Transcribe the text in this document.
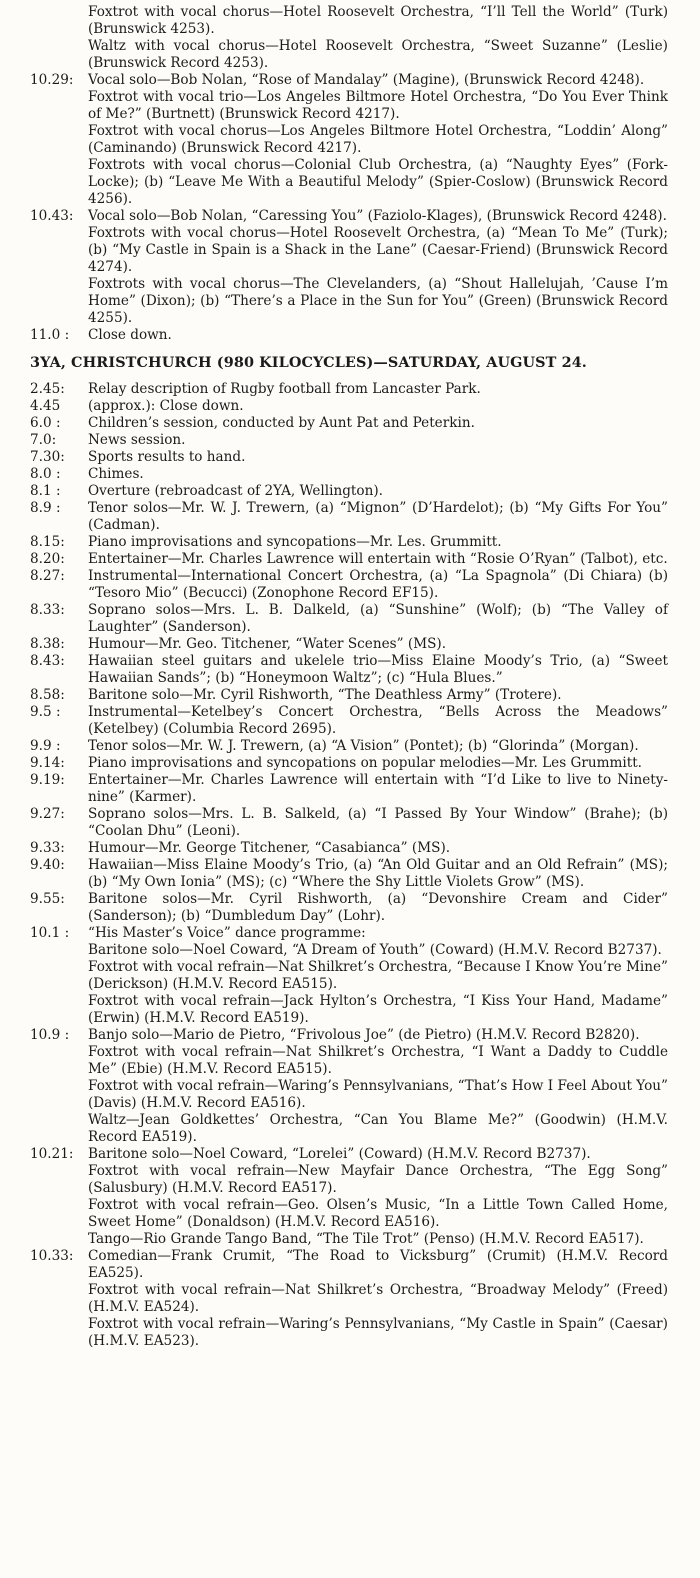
Foxtrot with vocal chorus—Hotel Roosevelt Orchestra, “I’ll Tell the World” (Turk) (Brunswick 4253).
Waltz with vocal chorus—Hotel Roosevelt Orchestra, “Sweet Suzanne” (Leslie) (Brunswick Record 4253).
10.29:	Vocal solo—Bob Nolan, “Rose of Mandalay” (Magine), (Brunswick Record 4248).
Foxtrot with vocal trio—Los Angeles Biltmore Hotel Orchestra, “Do You Ever Think of Me?” (Burtnett) (Brunswick Record 4217).
Foxtrot with vocal chorus—Los Angeles Biltmore Hotel Orchestra, “Loddin’ Along” (Caminando) (Brunswick Record 4217).
Foxtrots with vocal chorus—Colonial Club Orchestra, (a) “Naughty Eyes” (Fork-Locke); (b) “Leave Me With a Beautiful Melody” (Spier-Coslow) (Brunswick Record 4256).
10.43:	Vocal solo—Bob Nolan, “Caressing You” (Faziolo-Klages), (Brunswick Record 4248).
Foxtrots with vocal chorus—Hotel Roosevelt Orchestra, (a) “Mean To Me” (Turk); (b) “My Castle in Spain is a Shack in the Lane” (Caesar-Friend) (Brunswick Record 4274).
Foxtrots with vocal chorus—The Clevelanders, (a) “Shout Hallelujah, ’Cause I’m Home” (Dixon); (b) “There’s a Place in the Sun for You” (Green) (Brunswick Record 4255).
11.0 :	Close down.
3YA, CHRISTCHURCH (980 KILOCYCLES)—SATURDAY, AUGUST 24.
2.45:	Relay description of Rugby football from Lancaster Park.
4.45	(approx.): Close down.
6.0 :	Children’s session, conducted by Aunt Pat and Peterkin.
7.0:	News session.
7.30:	Sports results to hand.
8.0 :	Chimes.
8.1 :	Overture (rebroadcast of 2YA, Wellington).
8.9 :	Tenor solos—Mr. W. J. Trewern, (a) “Mignon” (D’Hardelot); (b) “My Gifts For You” (Cadman).
8.15:	Piano improvisations and syncopations—Mr. Les. Grummitt.
8.20:	Entertainer—Mr. Charles Lawrence will entertain with “Rosie O’Ryan” (Talbot), etc.
8.27:	Instrumental—International Concert Orchestra, (a) “La Spagnola” (Di Chiara) (b) “Tesoro Mio” (Becucci) (Zonophone Record EF15).
8.33:	Soprano solos—Mrs. L. B. Dalkeld, (a) “Sunshine” (Wolf); (b) “The Valley of Laughter” (Sanderson).
8.38:	Humour—Mr. Geo. Titchener, “Water Scenes” (MS).
8.43:	Hawaiian steel guitars and ukelele trio—Miss Elaine Moody’s Trio, (a) “Sweet Hawaiian Sands”; (b) “Honeymoon Waltz”; (c) “Hula Blues.”
8.58:	Baritone solo—Mr. Cyril Rishworth, “The Deathless Army” (Trotere).
9.5 :	Instrumental—Ketelbey’s Concert Orchestra, “Bells Across the Meadows” (Ketelbey) (Columbia Record 2695).
9.9 :	Tenor solos—Mr. W. J. Trewern, (a) “A Vision” (Pontet); (b) “Glorinda” (Morgan).
9.14:	Piano improvisations and syncopations on popular melodies—Mr. Les Grummitt.
9.19:	Entertainer—Mr. Charles Lawrence will entertain with “I’d Like to live to Ninety-nine” (Karmer).
9.27:	Soprano solos—Mrs. L. B. Salkeld, (a) “I Passed By Your Window” (Brahe); (b) “Coolan Dhu” (Leoni).
9.33:	Humour—Mr. George Titchener, “Casabianca” (MS).
9.40:	Hawaiian—Miss Elaine Moody’s Trio, (a) “An Old Guitar and an Old Refrain” (MS); (b) “My Own Ionia” (MS); (c) “Where the Shy Little Violets Grow” (MS).
9.55:	Baritone solos—Mr. Cyril Rishworth, (a) “Devonshire Cream and Cider” (Sanderson); (b) “Dumbledum Day” (Lohr).
10.1 :	“His Master’s Voice” dance programme:
Baritone solo—Noel Coward, “A Dream of Youth” (Coward) (H.M.V. Record B2737).
Foxtrot with vocal refrain—Nat Shilkret’s Orchestra, “Because I Know You’re Mine” (Derickson) (H.M.V. Record EA515).
Foxtrot with vocal refrain—Jack Hylton’s Orchestra, “I Kiss Your Hand, Madame” (Erwin) (H.M.V. Record EA519).
10.9 :	Banjo solo—Mario de Pietro, “Frivolous Joe” (de Pietro) (H.M.V. Record B2820).
Foxtrot with vocal refrain—Nat Shilkret’s Orchestra, “I Want a Daddy to Cuddle Me” (Ebie) (H.M.V. Record EA515).
Foxtrot with vocal refrain—Waring’s Pennsylvanians, “That’s How I Feel About You” (Davis) (H.M.V. Record EA516).
Waltz—Jean Goldkettes’ Orchestra, “Can You Blame Me?” (Goodwin) (H.M.V. Record EA519).
10.21:	Baritone solo—Noel Coward, “Lorelei” (Coward) (H.M.V. Record B2737).
Foxtrot with vocal refrain—New Mayfair Dance Orchestra, “The Egg Song” (Salusbury) (H.M.V. Record EA517).
Foxtrot with vocal refrain—Geo. Olsen’s Music, “In a Little Town Called Home, Sweet Home” (Donaldson) (H.M.V. Record EA516).
Tango—Rio Grande Tango Band, “The Tile Trot” (Penso) (H.M.V. Record EA517).
10.33:	Comedian—Frank Crumit, “The Road to Vicksburg” (Crumit) (H.M.V. Record EA525).
Foxtrot with vocal refrain—Nat Shilkret’s Orchestra, “Broadway Melody” (Freed) (H.M.V. EA524).
Foxtrot with vocal refrain—Waring’s Pennsylvanians, “My Castle in Spain” (Caesar) (H.M.V. EA523).
